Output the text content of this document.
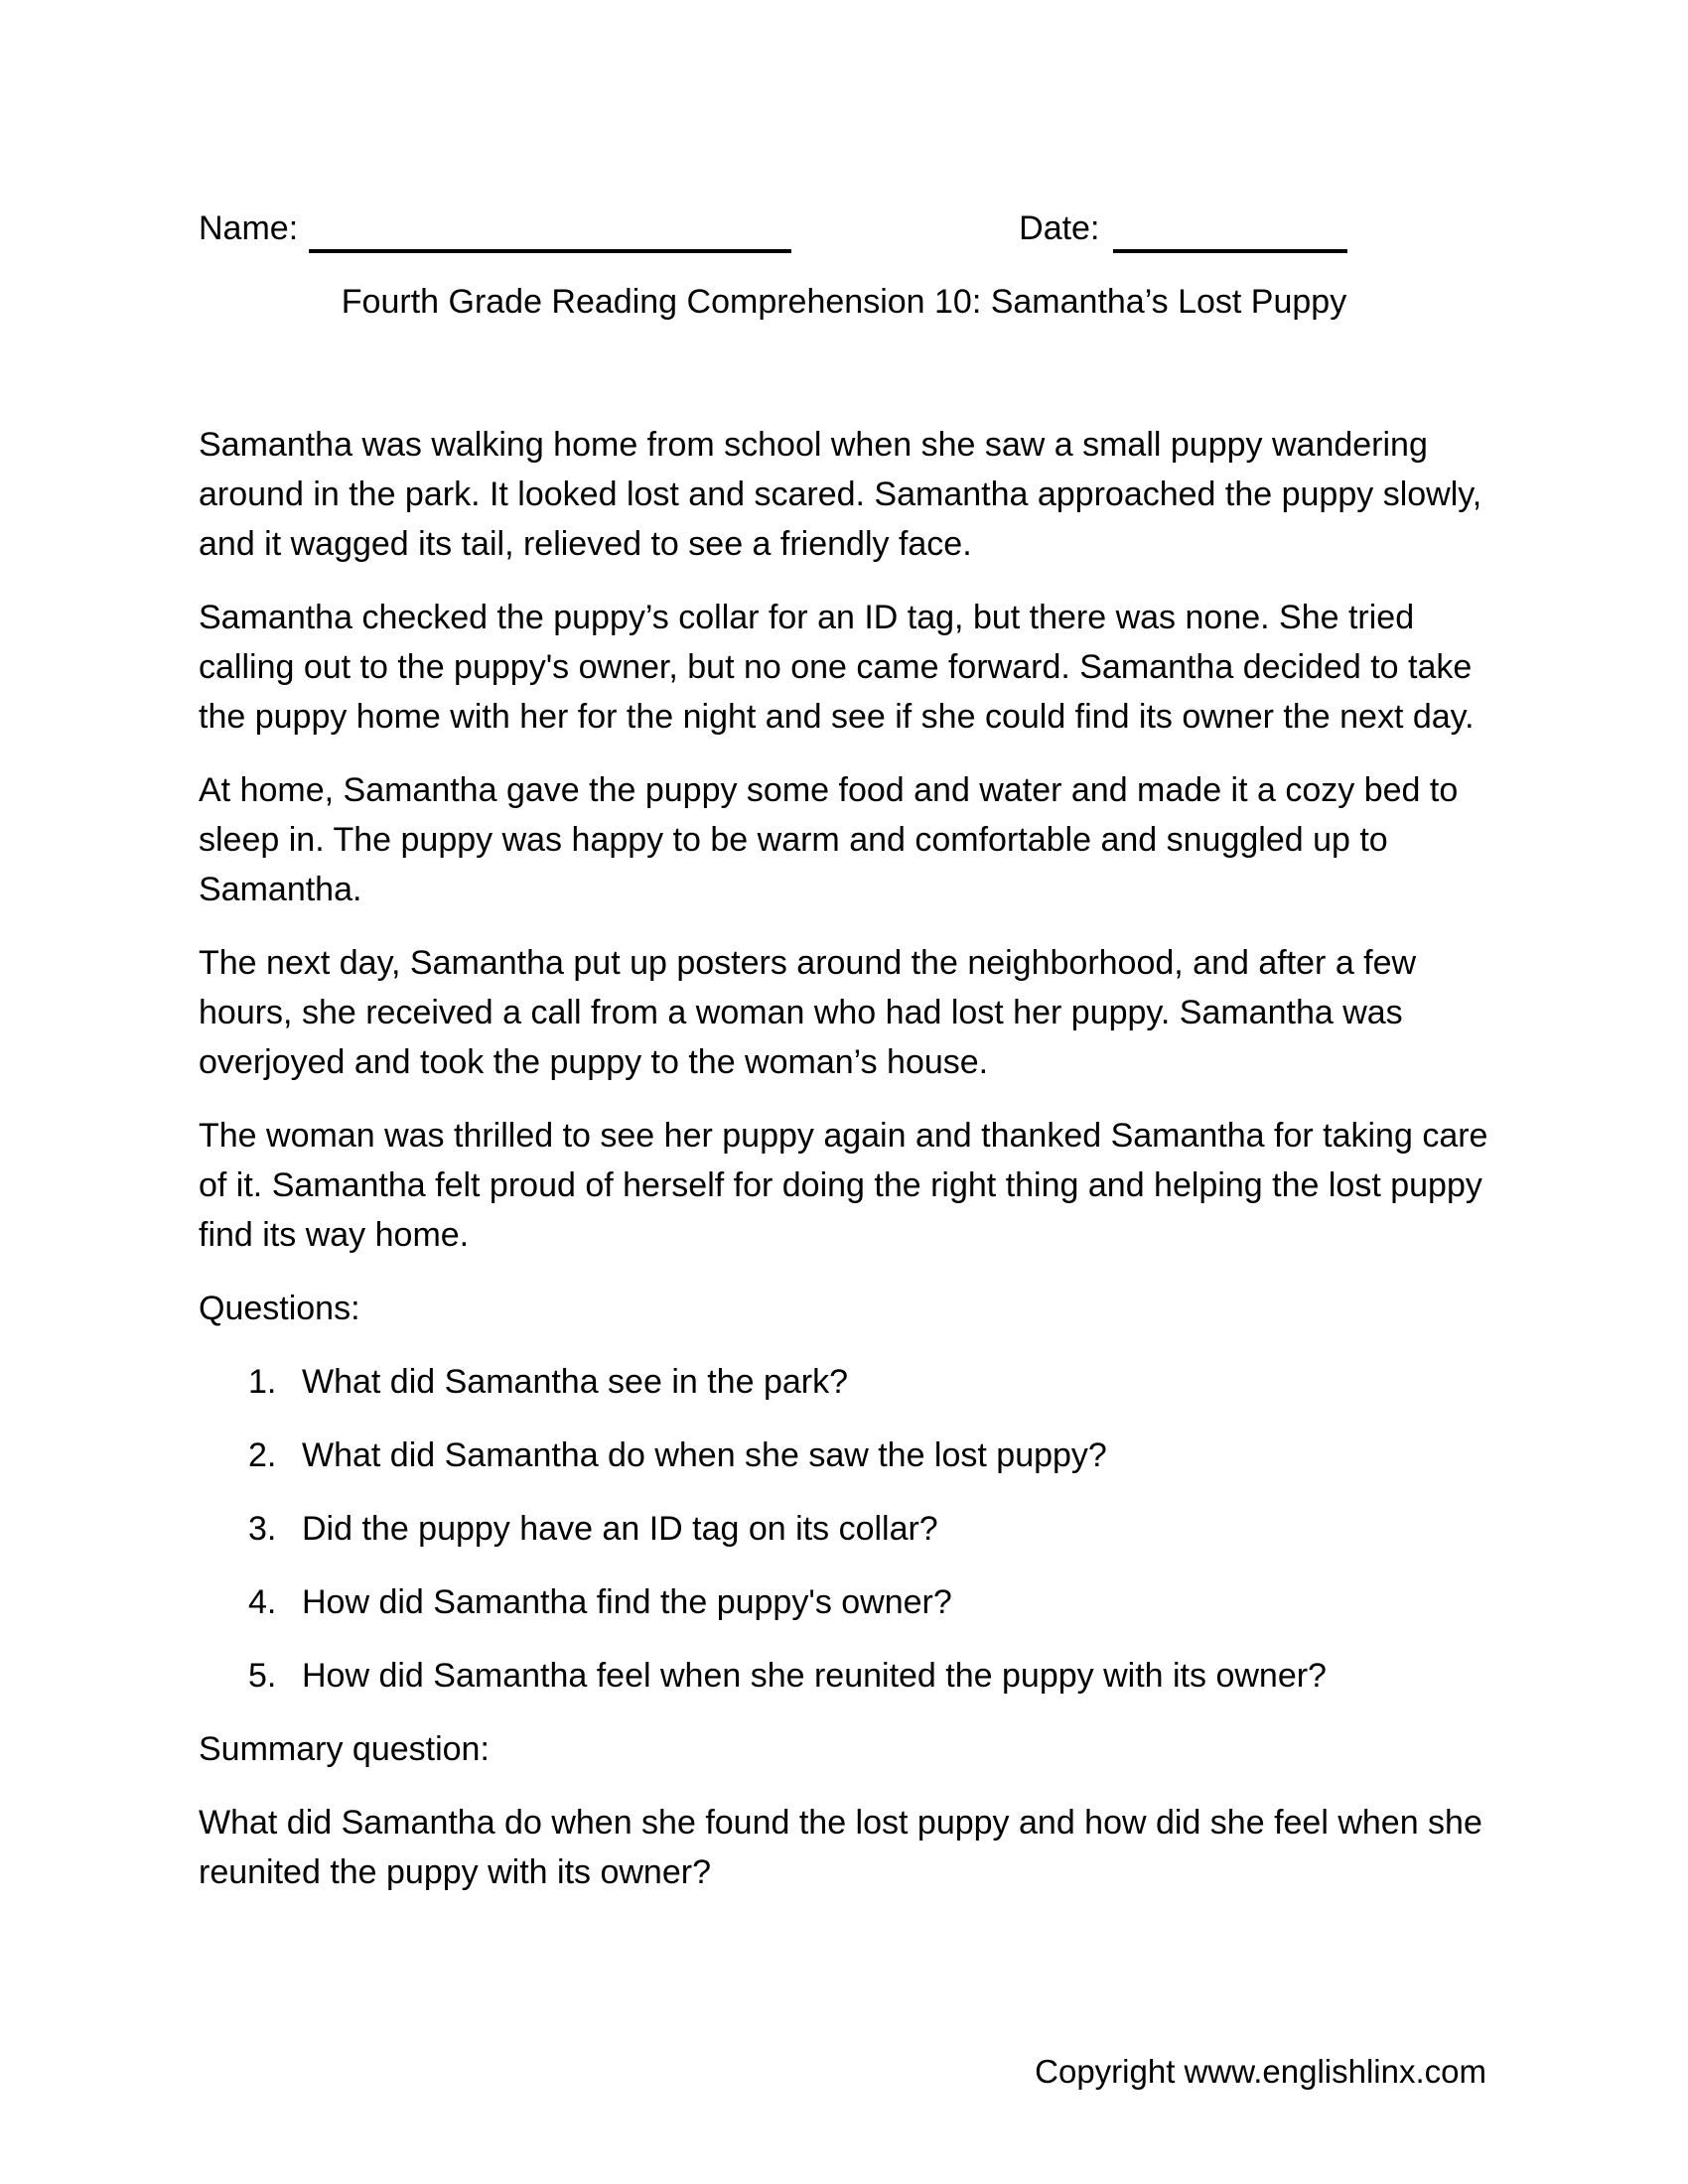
Name:	Date:
Fourth Grade Reading Comprehension 10: Samantha’s Lost Puppy

Samantha was walking home from school when she saw a small puppy wandering around in the park. It looked lost and scared. Samantha approached the puppy slowly, and it wagged its tail, relieved to see a friendly face.

Samantha checked the puppy’s collar for an ID tag, but there was none. She tried calling out to the puppy's owner, but no one came forward. Samantha decided to take the puppy home with her for the night and see if she could find its owner the next day.

At home, Samantha gave the puppy some food and water and made it a cozy bed to sleep in. The puppy was happy to be warm and comfortable and snuggled up to Samantha.

The next day, Samantha put up posters around the neighborhood, and after a few hours, she received a call from a woman who had lost her puppy. Samantha was overjoyed and took the puppy to the woman’s house.

The woman was thrilled to see her puppy again and thanked Samantha for taking care of it. Samantha felt proud of herself for doing the right thing and helping the lost puppy find its way home.

Questions:

1. What did Samantha see in the park?
2. What did Samantha do when she saw the lost puppy?
3. Did the puppy have an ID tag on its collar?
4. How did Samantha find the puppy's owner?
5. How did Samantha feel when she reunited the puppy with its owner?

Summary question:

What did Samantha do when she found the lost puppy and how did she feel when she reunited the puppy with its owner?

Copyright www.englishlinx.com
